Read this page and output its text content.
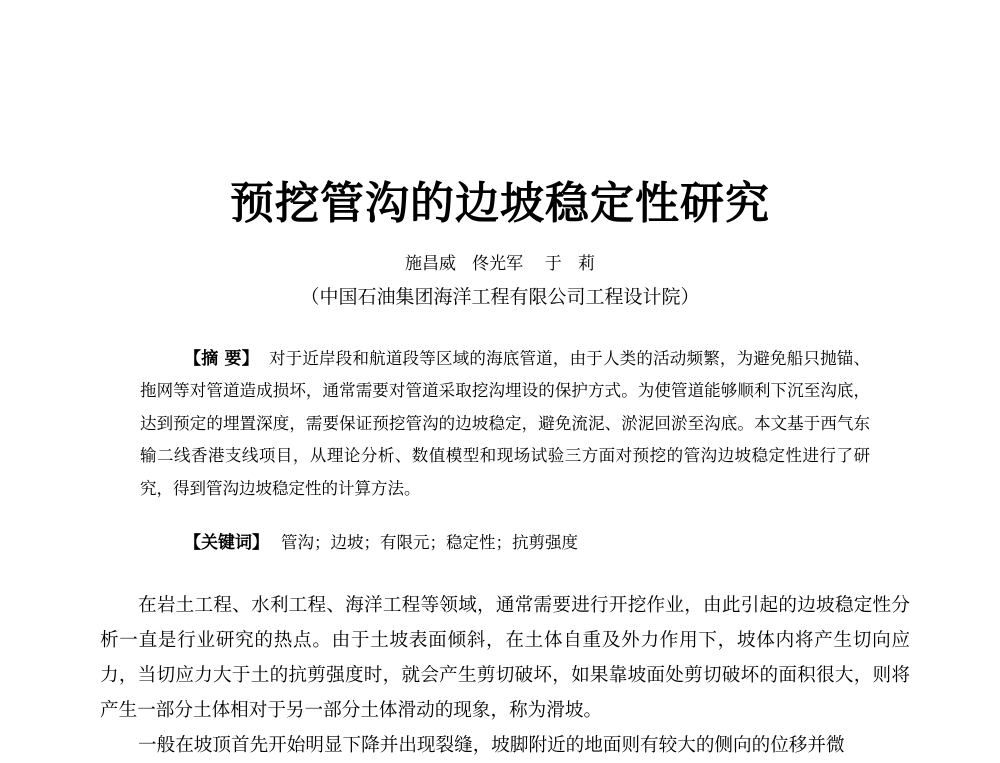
预挖管沟的边坡稳定性研究
施昌威   佟光军    于   莉
（中国石油集团海洋工程有限公司工程设计院）

【摘 要】 对于近岸段和航道段等区域的海底管道，由于人类的活动频繁，为避免船只抛锚、拖网等对管道造成损坏，通常需要对管道采取挖沟埋设的保护方式。为使管道能够顺利下沉至沟底，达到预定的埋置深度，需要保证预挖管沟的边坡稳定，避免流泥、淤泥回淤至沟底。本文基于西气东输二线香港支线项目，从理论分析、数值模型和现场试验三方面对预挖的管沟边坡稳定性进行了研究，得到管沟边坡稳定性的计算方法。

【关键词】 管沟；边坡；有限元；稳定性；抗剪强度

在岩土工程、水利工程、海洋工程等领域，通常需要进行开挖作业，由此引起的边坡稳定性分析一直是行业研究的热点。由于土坡表面倾斜，在土体自重及外力作用下，坡体内将产生切向应力，当切应力大于土的抗剪强度时，就会产生剪切破坏，如果靠坡面处剪切破坏的面积很大，则将产生一部分土体相对于另一部分土体滑动的现象，称为滑坡。

一般在坡顶首先开始明显下降并出现裂缝，坡脚附近的地面则有较大的侧向的位移并微
